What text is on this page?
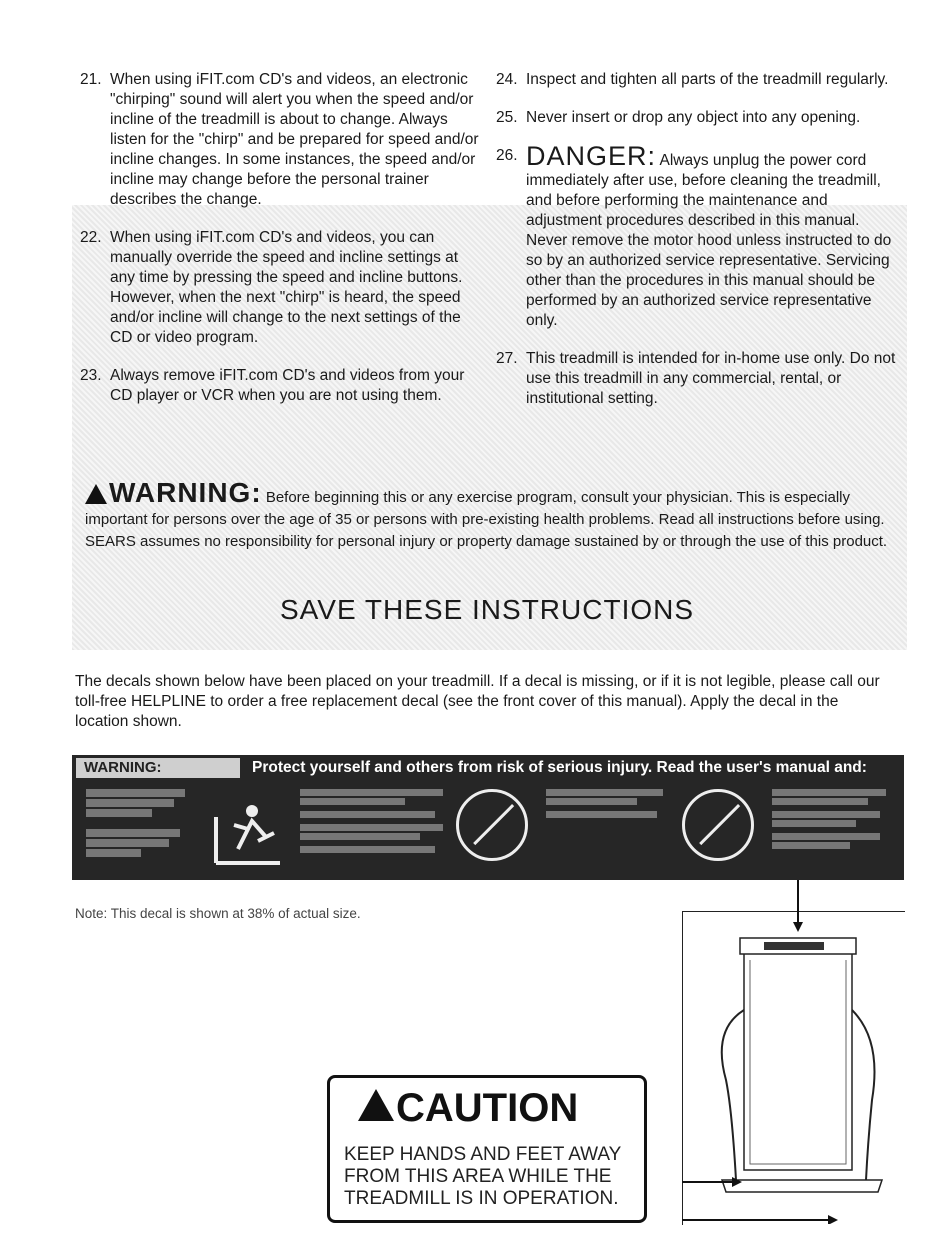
21. When using iFIT.com CD's and videos, an electronic "chirping" sound will alert you when the speed and/or incline of the treadmill is about to change. Always listen for the "chirp" and be prepared for speed and/or incline changes. In some instances, the speed and/or incline may change before the personal trainer describes the change.
22. When using iFIT.com CD's and videos, you can manually override the speed and incline settings at any time by pressing the speed and incline buttons. However, when the next "chirp" is heard, the speed and/or incline will change to the next settings of the CD or video program.
23. Always remove iFIT.com CD's and videos from your CD player or VCR when you are not using them.
24. Inspect and tighten all parts of the treadmill regularly.
25. Never insert or drop any object into any opening.
26. DANGER: Always unplug the power cord immediately after use, before cleaning the treadmill, and before performing the maintenance and adjustment procedures described in this manual. Never remove the motor hood unless instructed to do so by an authorized service representative. Servicing other than the procedures in this manual should be performed by an authorized service representative only.
27. This treadmill is intended for in-home use only. Do not use this treadmill in any commercial, rental, or institutional setting.
WARNING: Before beginning this or any exercise program, consult your physician. This is especially important for persons over the age of 35 or persons with pre-existing health problems. Read all instructions before using. SEARS assumes no responsibility for personal injury or property damage sustained by or through the use of this product.
SAVE THESE INSTRUCTIONS
The decals shown below have been placed on your treadmill. If a decal is missing, or if it is not legible, please call our toll-free HELPLINE to order a free replacement decal (see the front cover of this manual). Apply the decal in the location shown.
WARNING:	Protect yourself and others from risk of serious injury. Read the user's manual and:
Note: This decal is shown at 38% of actual size.
CAUTION
KEEP HANDS AND FEET AWAY
FROM THIS AREA WHILE THE
TREADMILL IS IN OPERATION.
